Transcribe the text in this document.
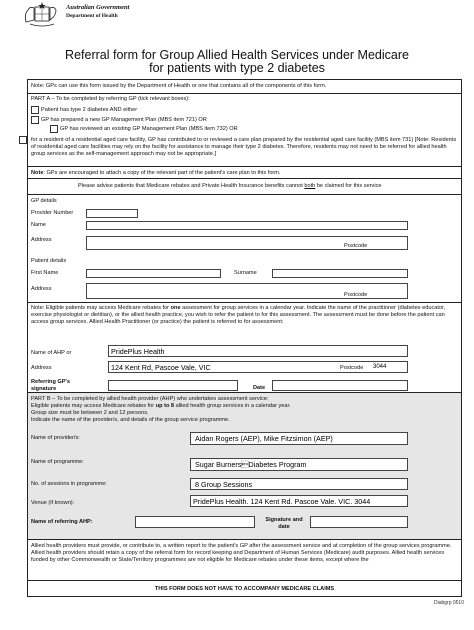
Australian Government
Department of Health
Referral form for Group Allied Health Services under Medicare
for patients with type 2 diabetes
Note: GPs can use this form issued by the Department of Health or one that contains all of the components of this form.
PART A – To be completed by referring GP (tick relevant boxes):
Patient has type 2 diabetes AND either
GP has prepared a new GP Management Plan (MBS item 721) OR
GP has reviewed an existing GP Management Plan (MBS item 732) OR
for a resident of a residential aged care facility, GP has contributed to or reviewed a care plan prepared by the residential aged care facility (MBS item 731) [Note: Residents of residential aged care facilities may rely on the facility for assistance to manage their type 2 diabetes. Therefore, residents may not need to be referred for allied health group services as the self-management approach may not be appropriate.]
Note: GPs are encouraged to attach a copy of the relevant part of the patient's care plan to this form.
Please advise patients that Medicare rebates and Private Health Insurance benefits cannot both be claimed for this service
GP details
Provider Number
Name
Address
Postcode
Patient details
First Name	Surname
Address
Postcode
Note: Eligible patients may access Medicare rebates for one assessment for group services in a calendar year. Indicate the name of the practitioner (diabetes educator, exercise physiologist or dietitian), or the allied health practice, you wish to refer the patient to for this assessment. The assessment must be done before the patient can access group services. Allied Health Practitioner (or practice) the patient is referred to for assessment:
Name of AHP or	PridePlus Health
Address	124 Kent Rd, Pascoe Vale, VIC	Postcode 3044
Referring GP's signature	Date
PART B – To be completed by allied health provider (AHP) who undertakes assessment service:
Eligible patients may access Medicare rebates for up to 8 allied health group services in a calendar year.
Group size must be between 2 and 12 persons.
Indicate the name of the provider/s, and details of the group service programme.
Name of provider/s:	Aidan Rogers (AEP), Mike Fitzsimon (AEP)
Name of programme:	Sugar BurnersDiabetes Program
No. of sessions in programme:	8 Group Sessions
Venue (if known):	PridePlus Health. 124 Kent Rd. Pascoe Vale. VIC. 3044
Name of referring AHP:	Signature and date
Allied health providers must provide, or contribute to, a written report to the patient's GP after the assessment service and at completion of the group services programme. Allied health providers should retain a copy of the referral form for record keeping and Department of Human Services (Medicare) audit purposes. Allied health services funded by other Commonwealth or State/Territory programmes are not eligible for Medicare rebates under these items, except where the
THIS FORM DOES NOT HAVE TO ACCOMPANY MEDICARE CLAIMS
Diabgrp 0510
